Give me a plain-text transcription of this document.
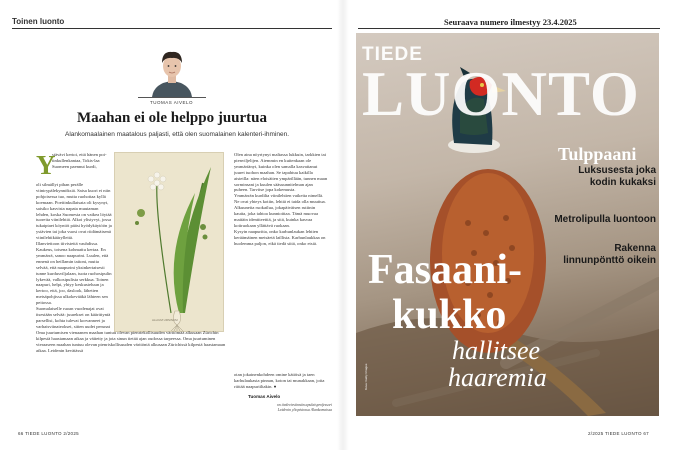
Toinen luonto
TUOMAS AIVELO
Maahan ei ole helppo juurtua
Alankomaalainen maatalous paljasti, että olen suomalainen kalenteri-ihminen.
Y
stävävi kertoi, että hänen poi-tinkullenkantaa, Tokis-laa Suomeen paennut kurdi,
oli silmällyt pihan perälle viinirypälekynnöksiä. Saisa kuori ei niin pohjoisessa tuo, mutta ruohottaa kyllä koemaan. Poeitinkullaisata oli kysynyt, saisiko kasvista napata muutaman lehden, koska Suomesta on vaikea löytää tuoreita viinilehtiä. Alkoi ylistyvyt, jossa tukaiptaet köyntöt pääsi hyödykäytöön ja ystävien tai joka vuosi ovat riidämäisenä viinilehtikäärylleitä.
Illanviettoon tiivistettä vauhdissa. Kaukeus, toisena kohmattu kertaa. En ymmärrä, sanoo naapurini. Luulen, että ennenä on heillamin taitoni, mutta selvää, että naapurini yksinkertaisesti tunne kurdusviljalaan, tuota ruohosipulin lykevää, valkosipulista serkkua. Toinen naapuri, helpi, yhtyy keskusteluun ja kertoo, että, joo, daslook, lähetien metsäpohjissa ulkokevääkä lähteen sen peitossa.
Suomalaiselle ruoan vuodenajat ovat itsestään selvää: juurekset on käärittyntä parsellisi, kohta tulevat korvanneet ja varhaisviinateokset, sitten uudet perunat

ALLIUM URSINUM
Olen aina nöyrtynyt maltassa lukkuin, tarkkien tai pienviljelijen. Aiemmin en kuitenkaan ole ymmärtänyt, kuinka olen samalla kasvattanut juuret tuohon maahan. Se tapahtuu kaikilla aisteilla: näen eloisäiten ympärillään, tunnen maan sorminsani ja kuulen sääsuunnitelman ajan puheen. Tarvitse jopa kokemusta.
Ymmärrän kurdilta viinilehtien vaikeita nimellä. Ne ovat yhteys kotiin, lehtiä ei taida olla muuttua. Alkuuneita ruokailua, jokapäiväisen rutiinin kautta, joka tahtoa kunnioittaa. Tämä muovaa maitäin identiteettiä, ja sitä, kuinka kasvaa kotiruokaan yllättävä ruokaan.
Kysyin naapuritta, onko karhunlaukan lehtien keräämäinen metsäetä laillista. Karhunlaukkaa on huolemma paljon, eikä tiedä siitä, onko etsiä.
Oma juurtumisen vienaanen maahan tuntuu olevan pienriekollisuuden väritömää alkusaan Zürichin kilpestä haastamaan aikaa ja väitetty ja jota sinun tietää ajan oudossa tarpeessa. Oma juurtuminen vieraaseen maahan tuntuu olevan pienriskollisuuden väritöntä alkusaan Zürichissä kilpestä haastamaan aikaa. Leidenin kevätässä
otan jokainenkohdeen omine kätöisä ja taen karhulaukasta pinnan, koton tai munakkaan, joita riittää naapuriiltakin. ●
Tuomas Aivelo
on tiedeviestinnän apulaisprofessori
Leidenin yliopistossa Alankomaissa
66 TIEDE LUONTO 2/2025
Seuraava numero ilmestyy 23.4.2025
TIEDE
LUONTO
Tulppaani
Luksusesta joka kodin kukaksi
Metrolipulla luontoon
Rakenna linnunpönttö oikein
Fasaani-
kukko
hallitsee
haaremia
Kuva: Getty Images
2/2025 TIEDE LUONTO 67
